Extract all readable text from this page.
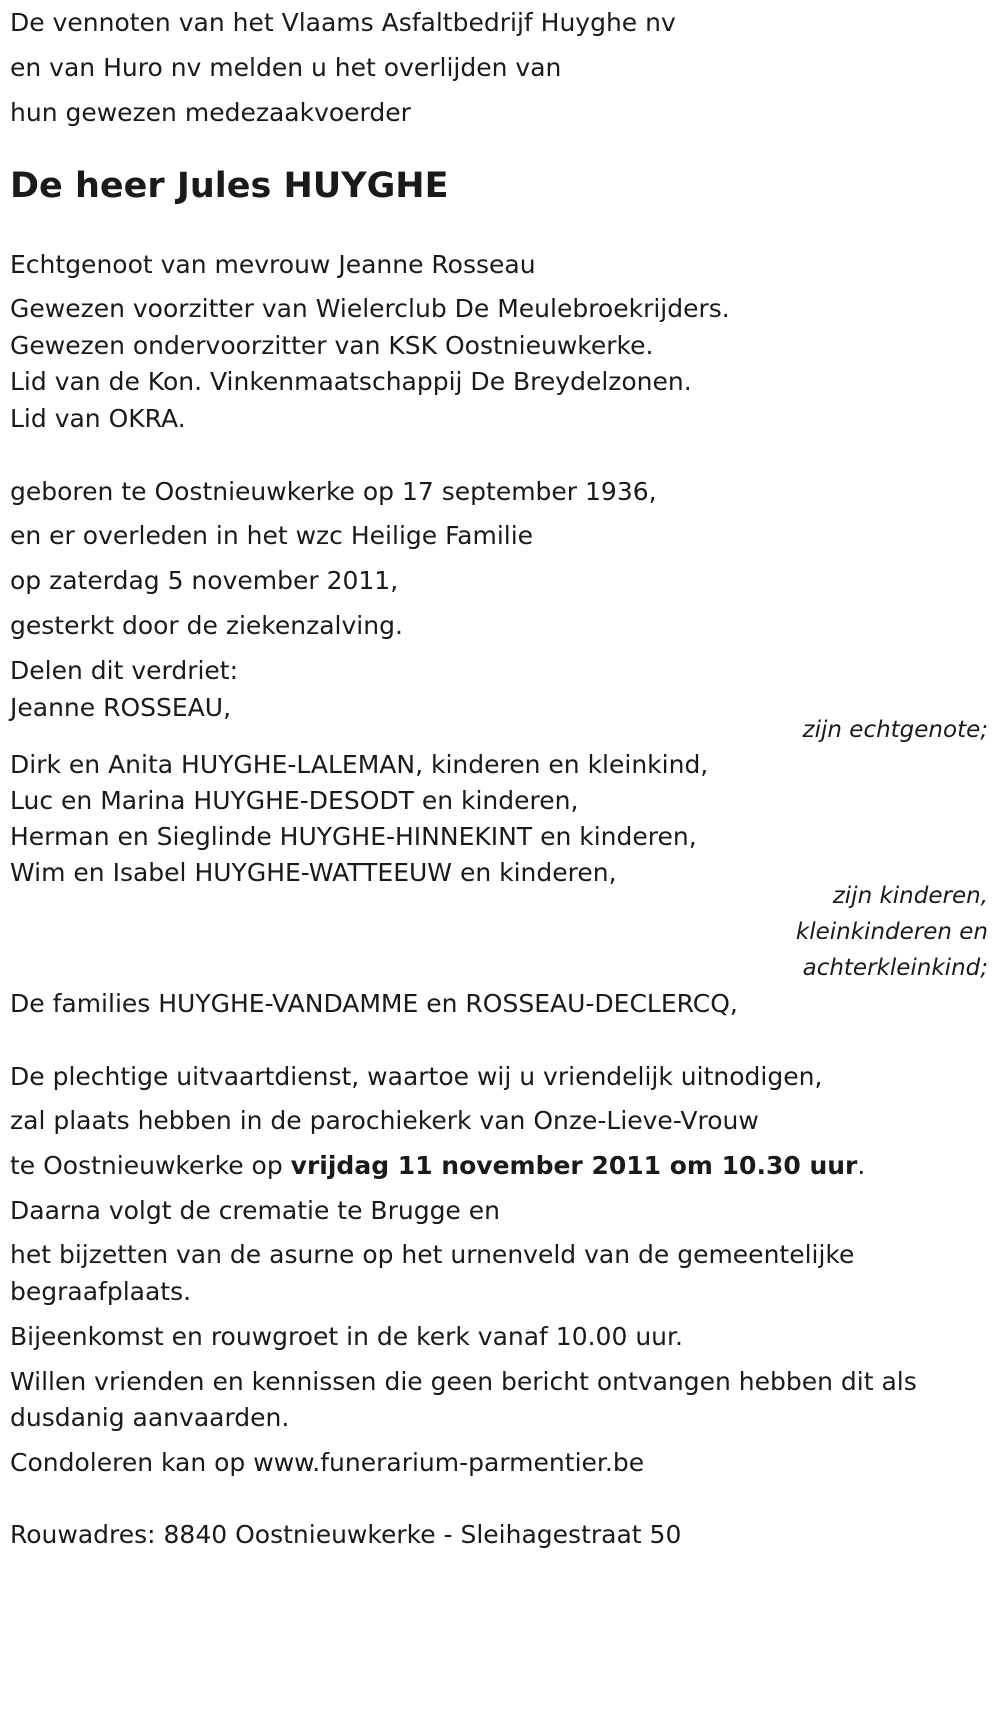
De vennoten van het Vlaams Asfaltbedrijf Huyghe nv
en van Huro nv melden u het overlijden van
hun gewezen medezaakvoerder
De heer Jules HUYGHE
Echtgenoot van mevrouw Jeanne Rosseau
Gewezen voorzitter van Wielerclub De Meulebroekrijders.
Gewezen ondervoorzitter van KSK Oostnieuwkerke.
Lid van de Kon. Vinkenmaatschappij De Breydelzonen.
Lid van OKRA.
geboren te Oostnieuwkerke op 17 september 1936,
en er overleden in het wzc Heilige Familie
op zaterdag 5 november 2011,
gesterkt door de ziekenzalving.
Delen dit verdriet:
Jeanne ROSSEAU,
zijn echtgenote;
Dirk en Anita HUYGHE-LALEMAN, kinderen en kleinkind,
Luc en Marina HUYGHE-DESODT en kinderen,
Herman en Sieglinde HUYGHE-HINNEKINT en kinderen,
Wim en Isabel HUYGHE-WATTEEUW en kinderen,
zijn kinderen,
kleinkinderen en
achterkleinkind;
De families HUYGHE-VANDAMME en ROSSEAU-DECLERCQ,
De plechtige uitvaartdienst, waartoe wij u vriendelijk uitnodigen,
zal plaats hebben in de parochiekerk van Onze-Lieve-Vrouw
te Oostnieuwkerke op vrijdag 11 november 2011 om 10.30 uur.
Daarna volgt de crematie te Brugge en
het bijzetten van de asurne op het urnenveld van de gemeentelijke
begraafplaats.
Bijeenkomst en rouwgroet in de kerk vanaf 10.00 uur.
Willen vrienden en kennissen die geen bericht ontvangen hebben dit als
dusdanig aanvaarden.
Condoleren kan op www.funerarium-parmentier.be
Rouwadres: 8840 Oostnieuwkerke - Sleihagestraat 50
